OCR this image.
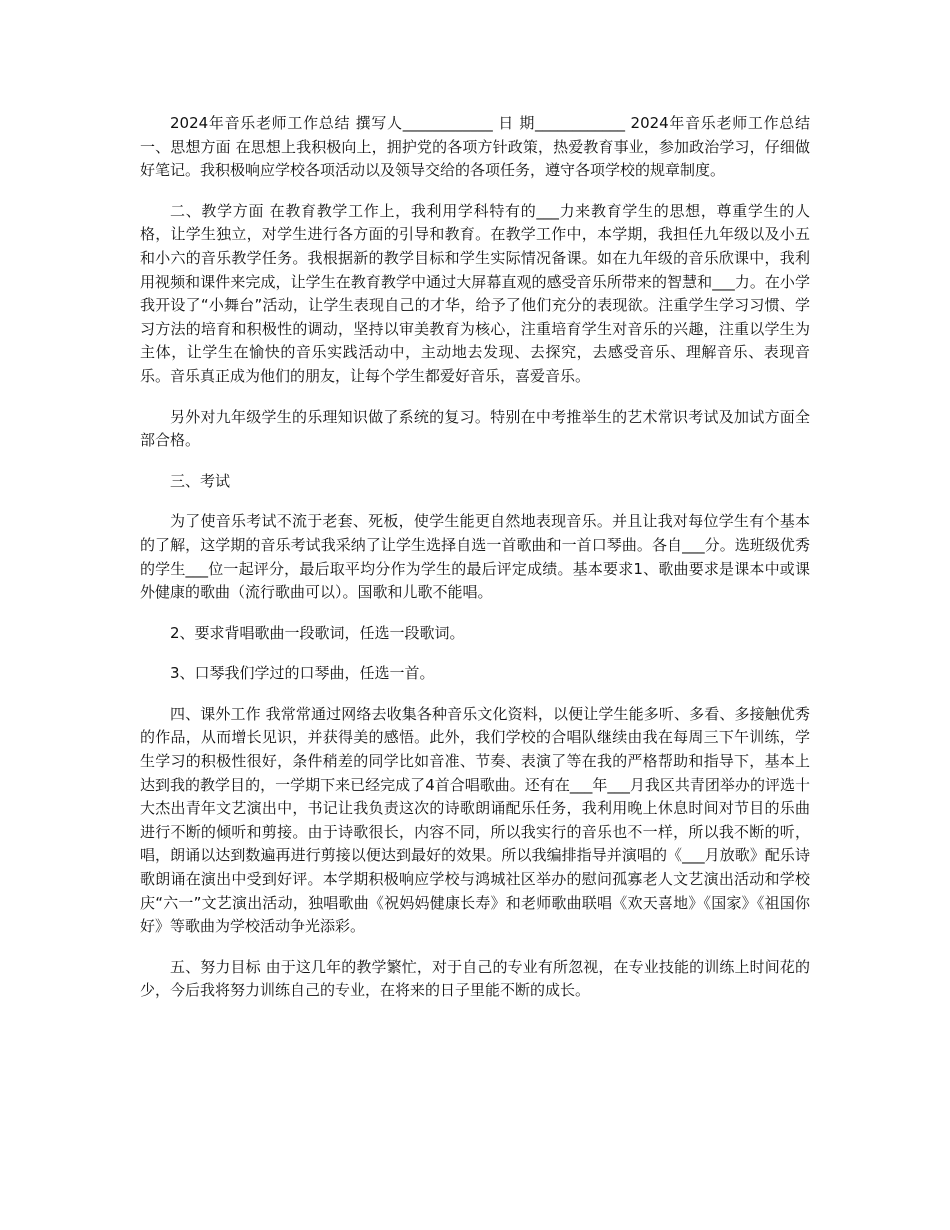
2024年音乐老师工作总结 撰写人____________ 日 期____________ 2024年音乐老师工作总结 一、思想方面 在思想上我积极向上，拥护党的各项方针政策，热爱教育事业，参加政治学习，仔细做好笔记。我积极响应学校各项活动以及领导交给的各项任务，遵守各项学校的规章制度。

二、教学方面 在教育教学工作上，我利用学科特有的___力来教育学生的思想，尊重学生的人格，让学生独立，对学生进行各方面的引导和教育。在教学工作中，本学期，我担任九年级以及小五和小六的音乐教学任务。我根据新的教学目标和学生实际情况备课。如在九年级的音乐欣课中，我利用视频和课件来完成，让学生在教育教学中通过大屏幕直观的感受音乐所带来的智慧和___力。在小学我开设了“小舞台”活动，让学生表现自己的才华，给予了他们充分的表现欲。注重学生学习习惯、学习方法的培育和积极性的调动，坚持以审美教育为核心，注重培育学生对音乐的兴趣，注重以学生为主体，让学生在愉快的音乐实践活动中，主动地去发现、去探究，去感受音乐、理解音乐、表现音乐。音乐真正成为他们的朋友，让每个学生都爱好音乐，喜爱音乐。

另外对九年级学生的乐理知识做了系统的复习。特别在中考推举生的艺术常识考试及加试方面全部合格。

三、考试

为了使音乐考试不流于老套、死板，使学生能更自然地表现音乐。并且让我对每位学生有个基本的了解，这学期的音乐考试我采纳了让学生选择自选一首歌曲和一首口琴曲。各自___分。选班级优秀的学生___位一起评分，最后取平均分作为学生的最后评定成绩。基本要求1、歌曲要求是课本中或课外健康的歌曲（流行歌曲可以）。国歌和儿歌不能唱。

2、要求背唱歌曲一段歌词，任选一段歌词。

3、口琴我们学过的口琴曲，任选一首。

四、课外工作 我常常通过网络去收集各种音乐文化资料，以便让学生能多听、多看、多接触优秀的作品，从而增长见识，并获得美的感悟。此外，我们学校的合唱队继续由我在每周三下午训练，学生学习的积极性很好，条件稍差的同学比如音准、节奏、表演了等在我的严格帮助和指导下，基本上达到我的教学目的，一学期下来已经完成了4首合唱歌曲。还有在___年___月我区共青团举办的评选十大杰出青年文艺演出中，书记让我负责这次的诗歌朗诵配乐任务，我利用晚上休息时间对节目的乐曲进行不断的倾听和剪接。由于诗歌很长，内容不同，所以我实行的音乐也不一样，所以我不断的听，唱，朗诵以达到数遍再进行剪接以便达到最好的效果。所以我编排指导并演唱的《___月放歌》配乐诗歌朗诵在演出中受到好评。本学期积极响应学校与鸿城社区举办的慰问孤寡老人文艺演出活动和学校庆“六一”文艺演出活动，独唱歌曲《祝妈妈健康长寿》和老师歌曲联唱《欢天喜地》《国家》《祖国你好》等歌曲为学校活动争光添彩。

五、努力目标 由于这几年的教学繁忙，对于自己的专业有所忽视，在专业技能的训练上时间花的少，今后我将努力训练自己的专业，在将来的日子里能不断的成长。
